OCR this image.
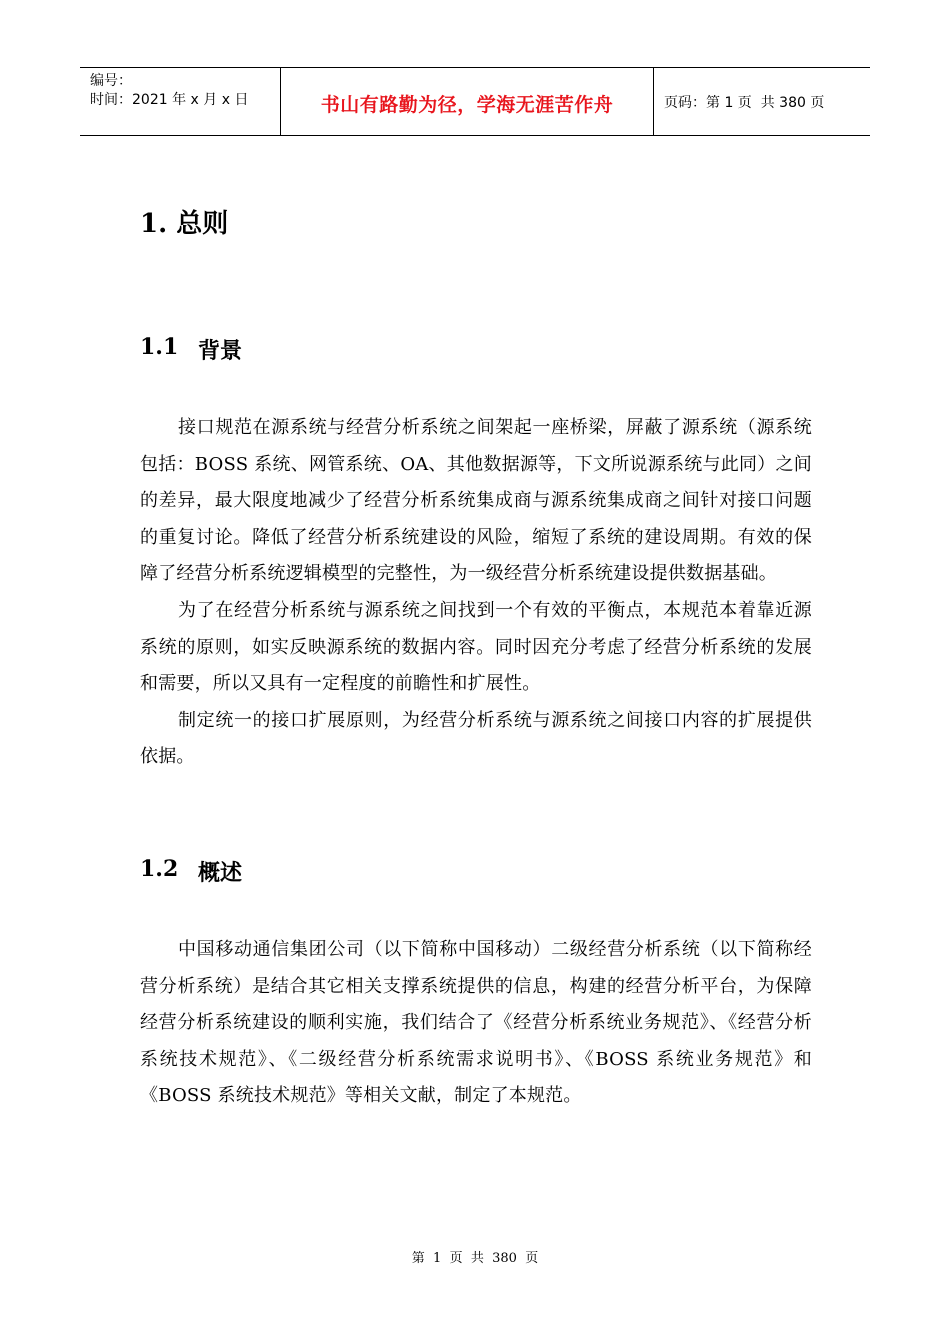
编号：
时间：2021 年 x 月 x 日	书山有路勤为径，学海无涯苦作舟	页码：第 1 页  共 380 页
1. 总则
1.1 背景

接口规范在源系统与经营分析系统之间架起一座桥梁，屏蔽了源系统（源系统包括：BOSS 系统、网管系统、OA、其他数据源等，下文所说源系统与此同）之间的差异，最大限度地减少了经营分析系统集成商与源系统集成商之间针对接口问题的重复讨论。降低了经营分析系统建设的风险，缩短了系统的建设周期。有效的保障了经营分析系统逻辑模型的完整性，为一级经营分析系统建设提供数据基础。

为了在经营分析系统与源系统之间找到一个有效的平衡点，本规范本着靠近源系统的原则，如实反映源系统的数据内容。同时因充分考虑了经营分析系统的发展和需要，所以又具有一定程度的前瞻性和扩展性。

制定统一的接口扩展原则，为经营分析系统与源系统之间接口内容的扩展提供依据。

1.2 概述

中国移动通信集团公司（以下简称中国移动）二级经营分析系统（以下简称经营分析系统）是结合其它相关支撑系统提供的信息，构建的经营分析平台，为保障经营分析系统建设的顺利实施，我们结合了《经营分析系统业务规范》、《经营分析系统技术规范》、《二级经营分析系统需求说明书》、《BOSS 系统业务规范》和《BOSS 系统技术规范》等相关文献，制定了本规范。

第  1  页  共  380  页
